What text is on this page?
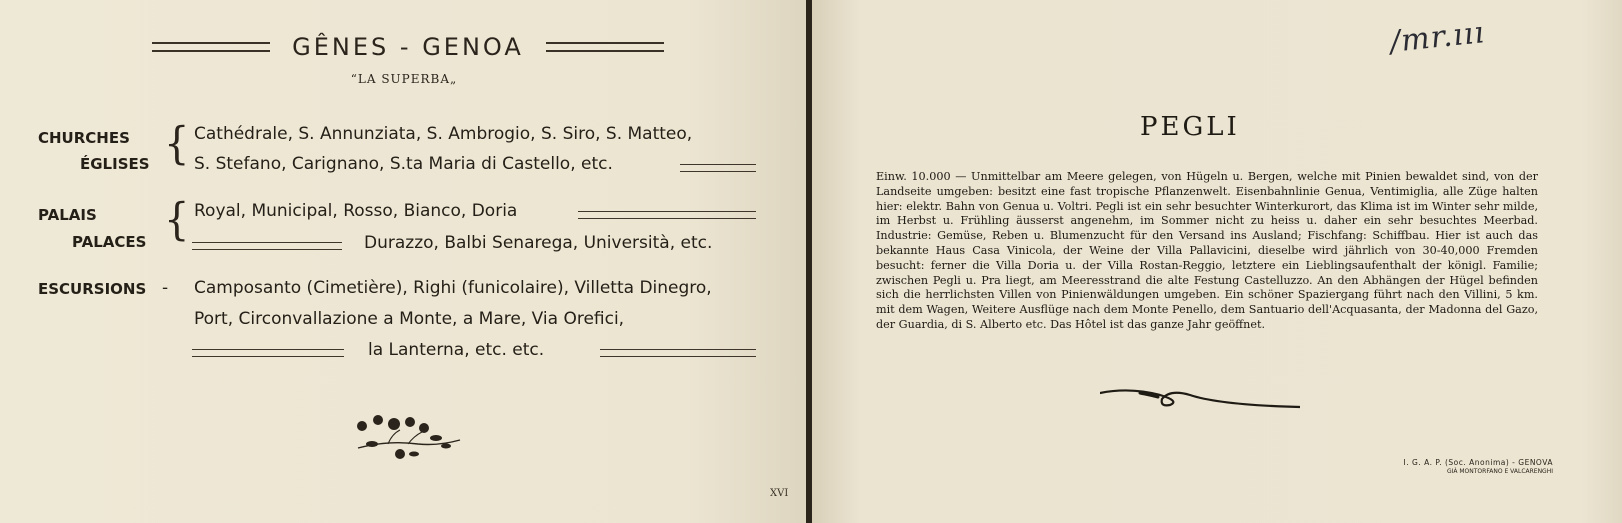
GÊNES - GENOA
“LA SUPERBA„
CHURCHES
ÉGLISES { Cathédrale, S. Annunziata, S. Ambrogio, S. Siro, S. Matteo,
S. Stefano, Carignano, S.ta Maria di Castello, etc.
PALAIS
PALACES { Royal, Municipal, Rosso, Bianco, Doria
Durazzo, Balbi Senarega, Università, etc.
ESCURSIONS - Camposanto (Cimetière), Righi (funicolaire), Villetta Dinegro,
Port, Circonvallazione a Monte, a Mare, Via Orefici,
la Lanterna, etc. etc.
XVI
/mr.ııı
PEGLI
Einw. 10.000 — Unmittelbar am Meere gelegen, von Hügeln u. Bergen, welche mit Pinien bewaldet sind, von der Landseite umgeben: besitzt eine fast tropische Pflanzenwelt. Eisenbahnlinie Genua, Ventimiglia, alle Züge halten hier: elektr. Bahn von Genua u. Voltri. Pegli ist ein sehr besuchter Winterkurort, das Klima ist im Winter sehr milde, im Herbst u. Frühling äusserst angenehm, im Sommer nicht zu heiss u. daher ein sehr besuchtes Meerbad. Industrie: Gemüse, Reben u. Blumenzucht für den Versand ins Ausland; Fischfang: Schiffbau. Hier ist auch das bekannte Haus Casa Vinicola, der Weine der Villa Pallavicini, dieselbe wird jährlich von 30-40,000 Fremden besucht: ferner die Villa Doria u. der Villa Rostan-Reggio, letztere ein Lieblingsaufenthalt der königl. Familie; zwischen Pegli u. Pra liegt, am Meeresstrand die alte Festung Castelluzzo. An den Abhängen der Hügel befinden sich die herrlichsten Villen von Pinienwäldungen umgeben. Ein schöner Spaziergang führt nach den Villini, 5 km. mit dem Wagen, Weitere Ausflüge nach dem Monte Penello, dem Santuario dell'Acquasanta, der Madonna del Gazo, der Guardia, di S. Alberto etc. Das Hôtel ist das ganze Jahr geöffnet.
I. G. A. P. (Soc. Anonima) - GENOVA
GIÀ MONTORFANO E VALCARENGHI
